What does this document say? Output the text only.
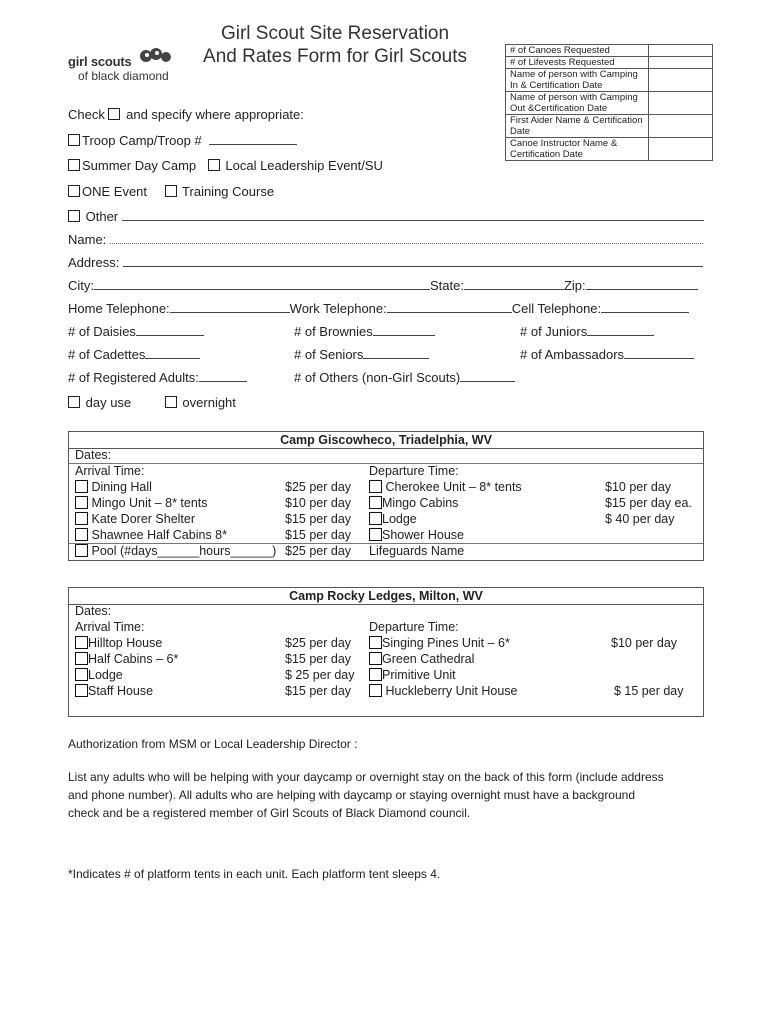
girl scouts
of black diamond
Girl Scout Site Reservation
And Rates Form for Girl Scouts	# of Canoes Requested	
# of Lifevests Requested	
Name of person with Camping In & Certification Date	
Name of person with Camping Out &Certification Date	
First Aider Name & Certification Date	
Canoe Instructor Name & Certification Date	
Check and specify where appropriate:
Troop Camp/Troop #
Summer Day Camp Local Leadership Event/SU
ONE Event	Training Course
Other
Name:
Address:
City:	State:	Zip:
Home Telephone:	Work Telephone:	Cell Telephone:
# of Daisies	# of Brownies	# of Juniors
# of Cadettes	# of Seniors	# of Ambassadors
# of Registered Adults:	# of Others (non-Girl Scouts)
day use	overnight
Camp Giscowheco, Triadelphia, WV
Dates:
Arrival Time:	Departure Time:
Dining Hall	$25 per day	Cherokee Unit – 8* tents	$10 per day
Mingo Unit – 8* tents	$10 per day	Mingo Cabins	$15 per day ea.
Kate Dorer Shelter	$15 per day	Lodge	$ 40 per day
Shawnee Half Cabins 8*	$15 per day	Shower House
Pool (#days______hours______) $25 per day Lifeguards Name
Camp Rocky Ledges, Milton, WV
Dates:
Arrival Time:	Departure Time:
Hilltop House	$25 per day	Singing Pines Unit – 6*	$10 per day
Half Cabins – 6*	$15 per day	Green Cathedral
Lodge	$ 25 per day	Primitive Unit
Staff House	$15 per day	Huckleberry Unit House	$ 15 per day
Authorization from MSM or Local Leadership Director :
List any adults who will be helping with your daycamp or overnight stay on the back of this form (include address and phone number). All adults who are helping with daycamp or staying overnight must have a background check and be a registered member of Girl Scouts of Black Diamond council.
*Indicates # of platform tents in each unit. Each platform tent sleeps 4.
